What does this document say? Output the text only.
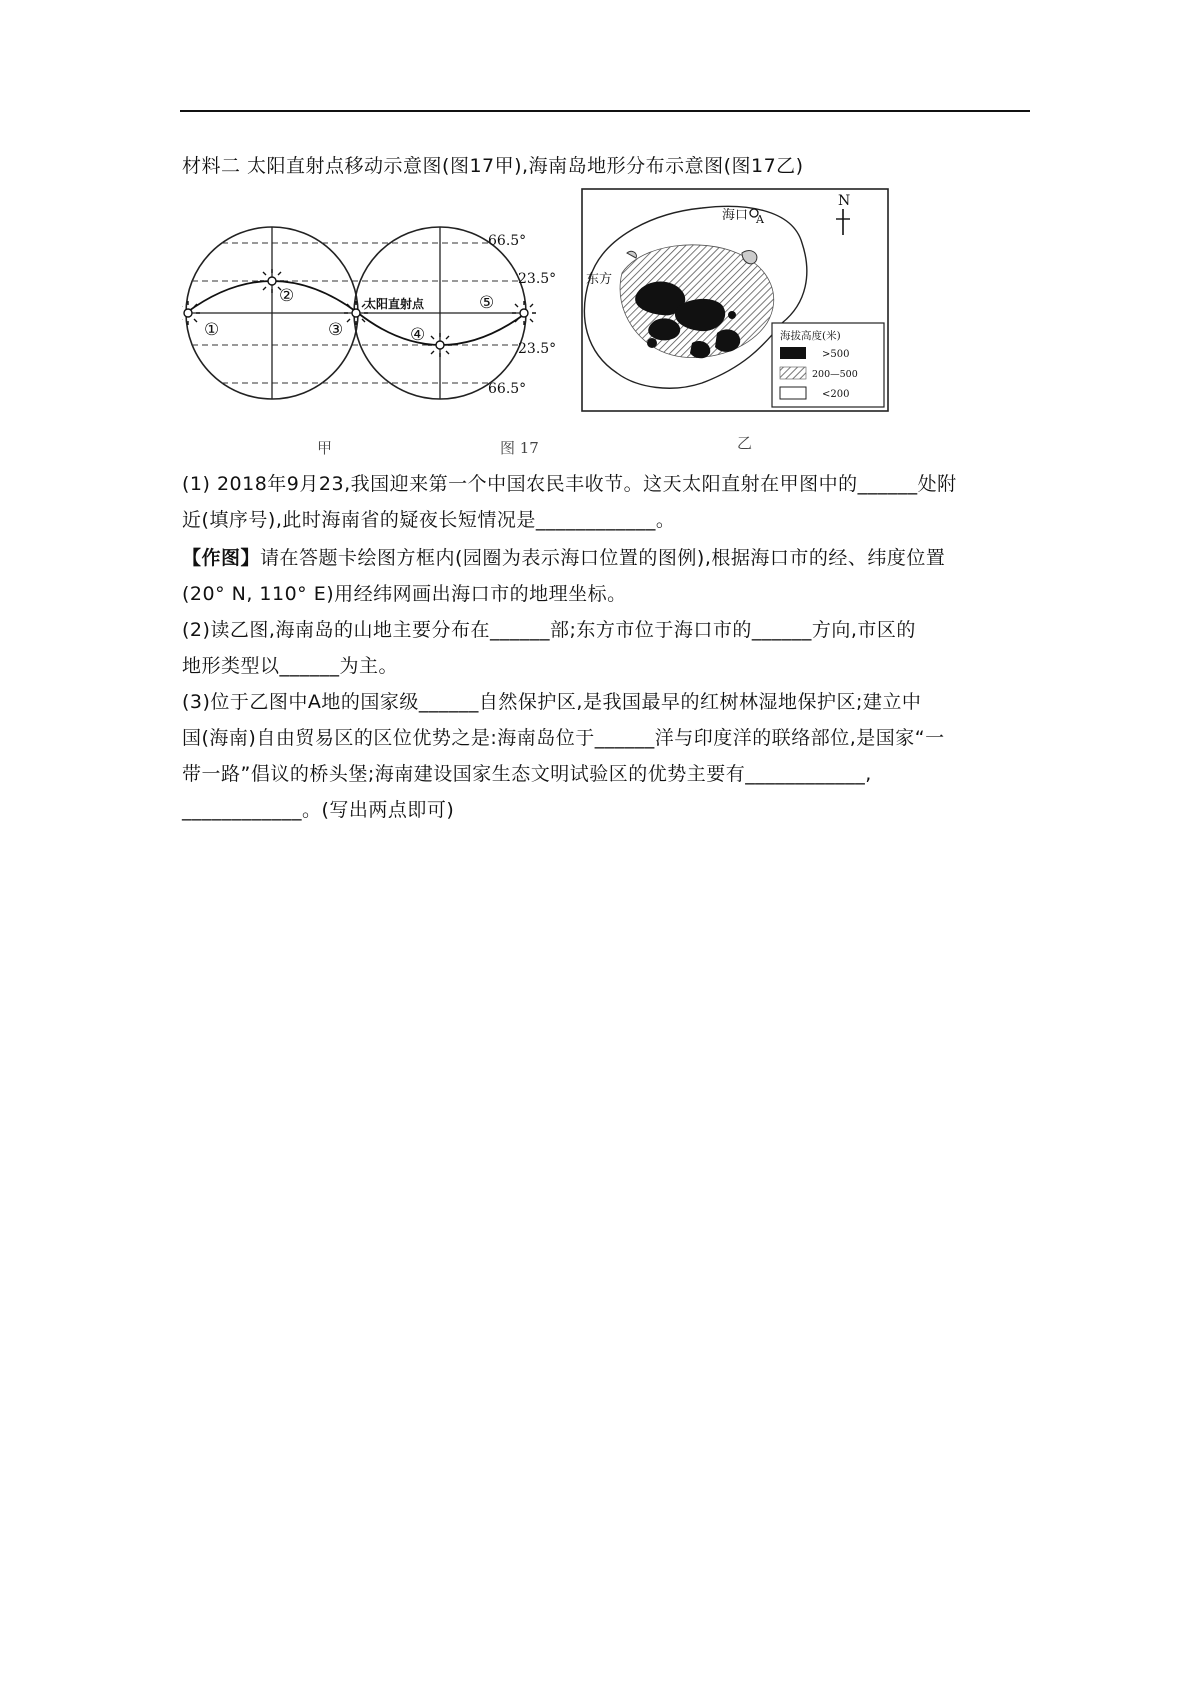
材料二 太阳直射点移动示意图(图17甲),海南岛地形分布示意图(图17乙)
66.5°
23.5°
23.5°
66.5°
太阳直射点
①
②
③	④
⑤
海口 A
东方
N
海拔高度(米)
>500
200—500
<200
甲	图 17	乙
(1) 2018年9月23,我国迎来第一个中国农民丰收节。这天太阳直射在甲图中的______处附
近(填序号),此时海南省的疑夜长短情况是____________。
【作图】请在答题卡绘图方框内(园圈为表示海口位置的图例),根据海口市的经、纬度位置
(20° N, 110° E)用经纬网画出海口市的地理坐标。
(2)读乙图,海南岛的山地主要分布在______部;东方市位于海口市的______方向,市区的
地形类型以______为主。
(3)位于乙图中A地的国家级______自然保护区,是我国最早的红树林湿地保护区;建立中
国(海南)自由贸易区的区位优势之是:海南岛位于______洋与印度洋的联络部位,是国家“一
带一路”倡议的桥头堡;海南建设国家生态文明试验区的优势主要有____________,
____________。(写出两点即可)
